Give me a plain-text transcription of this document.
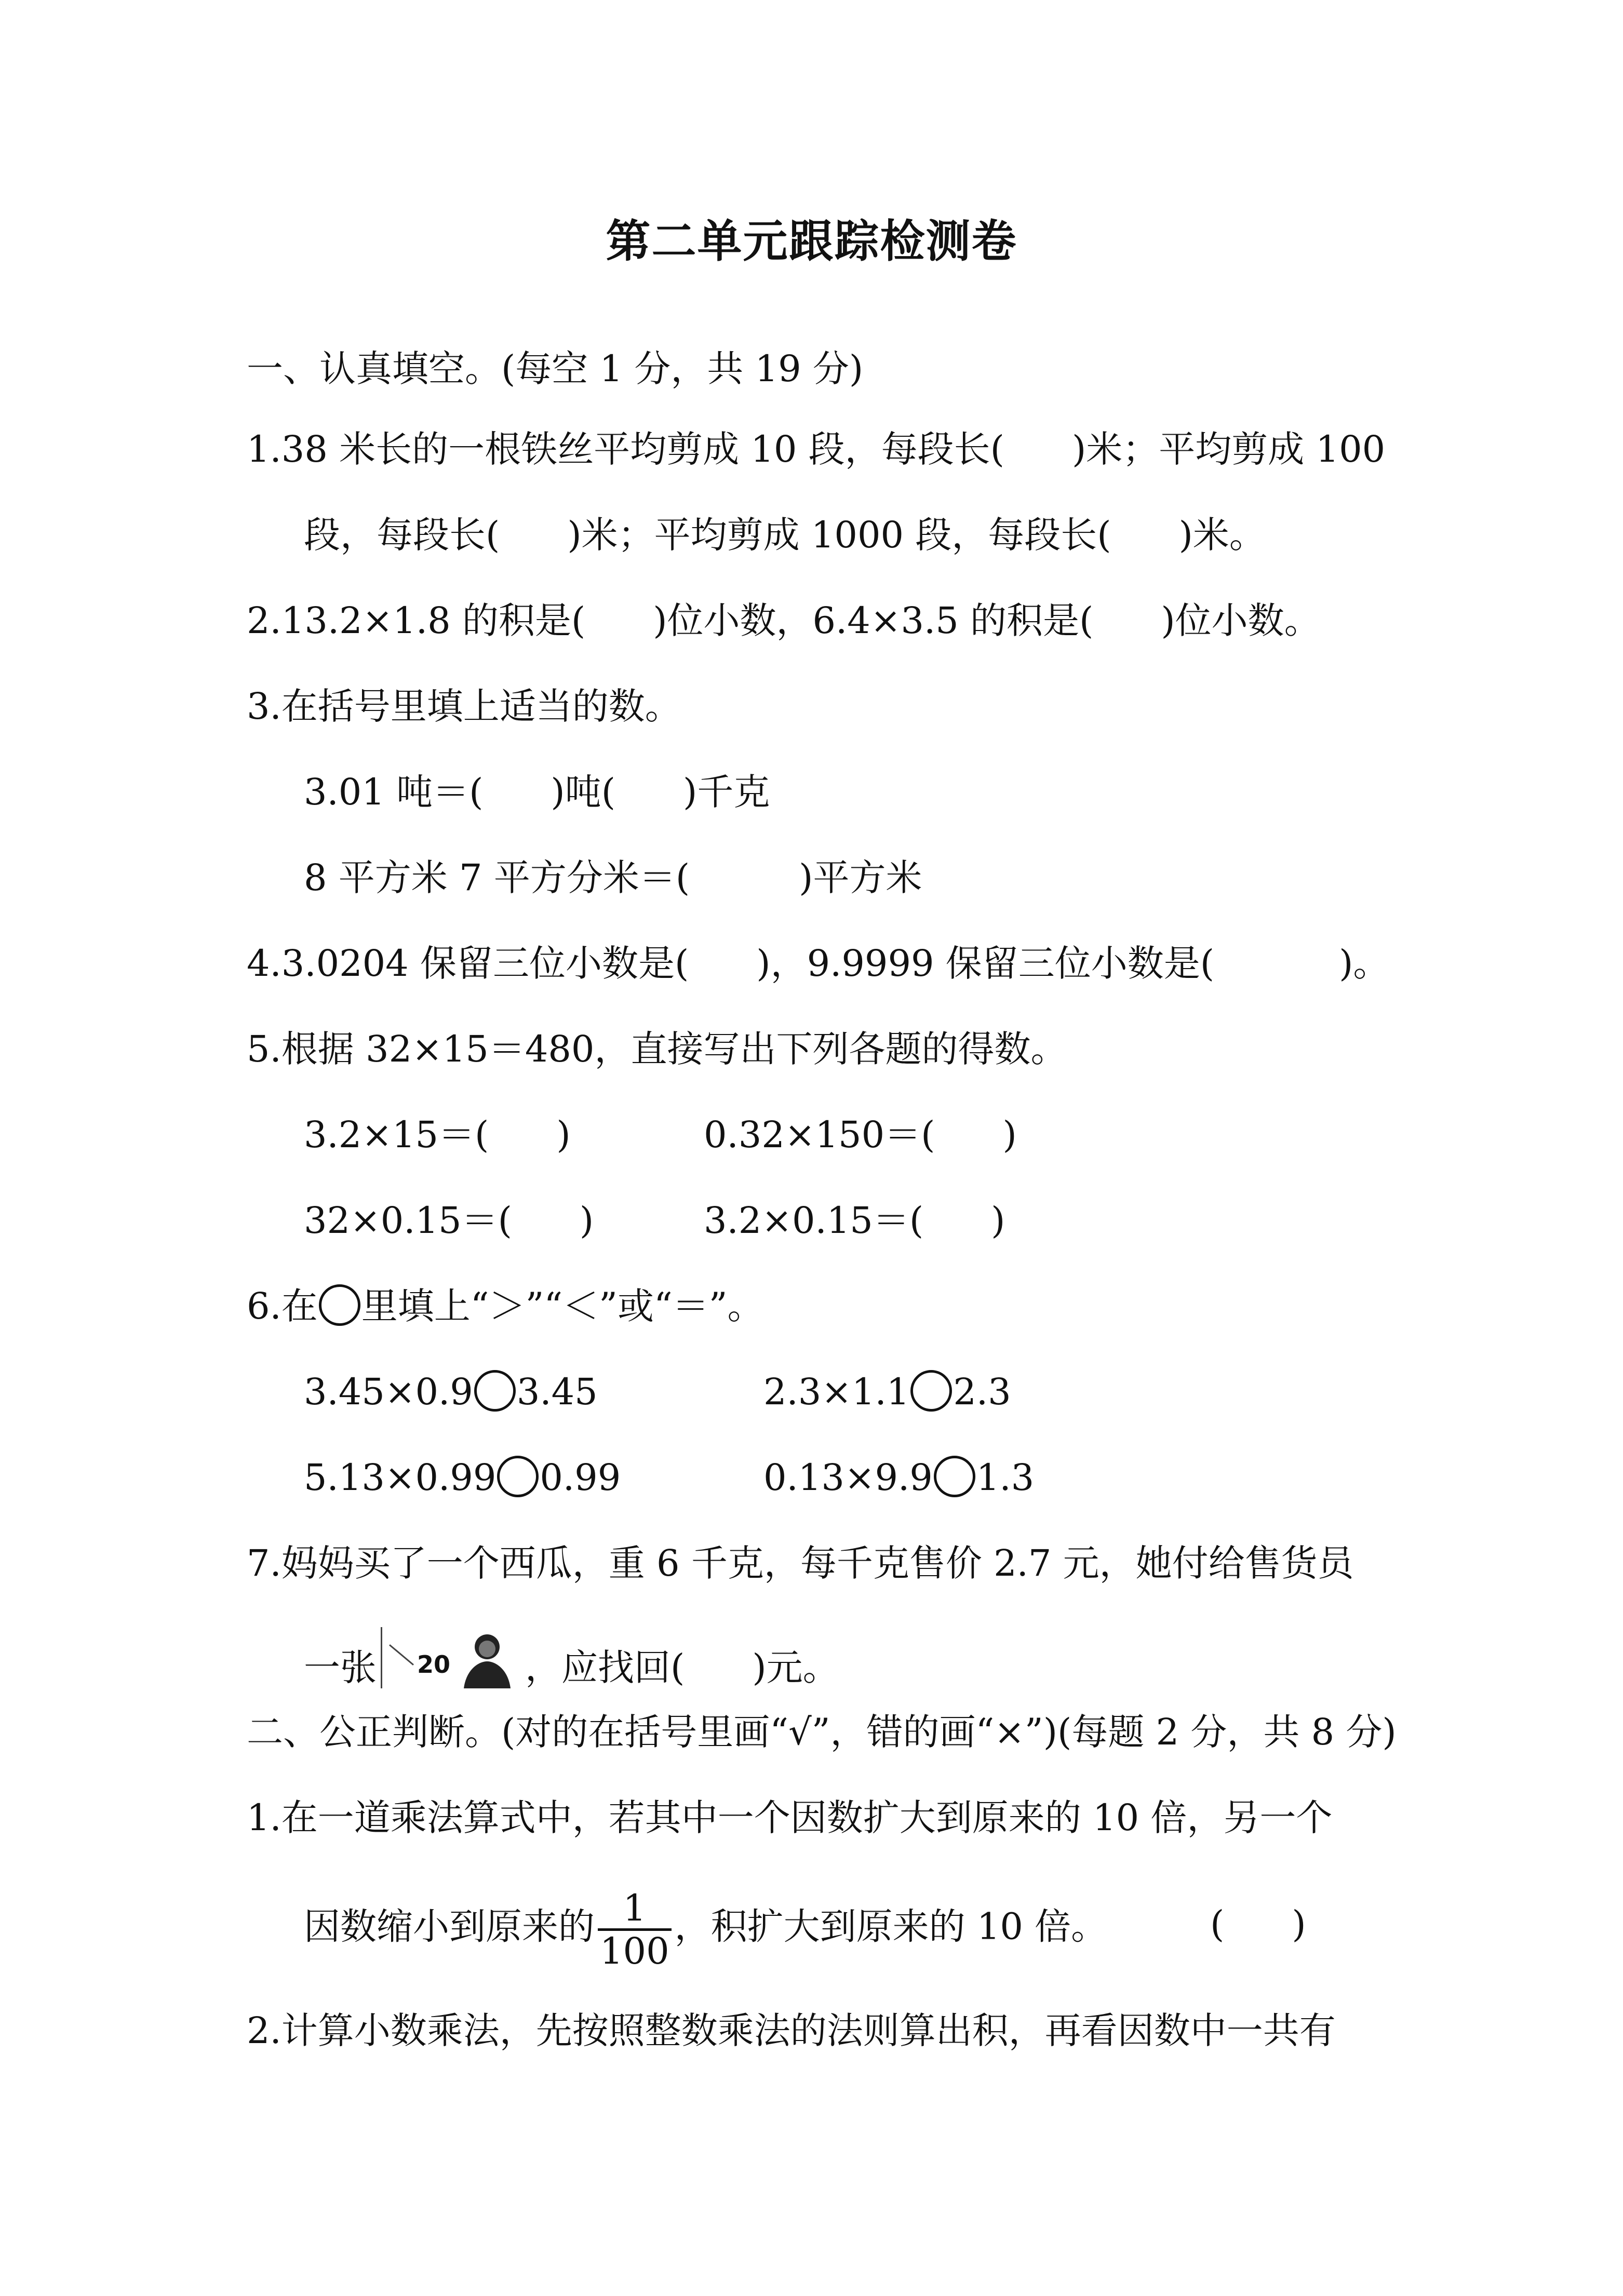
第二单元跟踪检测卷

一、认真填空。(每空 1 分，共 19 分)

1.38 米长的一根铁丝平均剪成 10 段，每段长( )米；平均剪成 100

段，每段长( )米；平均剪成 1000 段，每段长( )米。

2.13.2×1.8 的积是( )位小数，6.4×3.5 的积是( )位小数。

3.在括号里填上适当的数。

3.01 吨＝( )吨( )千克

8 平方米 7 平方分米＝(	)平方米

4.3.0204 保留三位小数是( )，9.9999 保留三位小数是(	)。

5.根据 32×15＝480，直接写出下列各题的得数。

3.2×15＝( )	0.32×150＝( )

32×0.15＝( )	3.2×0.15＝( )

6.在 里填上“＞”“＜”或“＝”。

3.45×0.9 3.45	2.3×1.1 2.3

5.13×0.99 0.99	0.13×9.9 1.3

7.妈妈买了一个西瓜，重 6 千克，每千克售价 2.7 元，她付给售货员

一张 20 ，应找回( )元。

二、公正判断。(对的在括号里画“√”，错的画“×”)(每题 2 分，共 8 分)

1.在一道乘法算式中，若其中一个因数扩大到原来的 10 倍，另一个

因数缩小到原来的 $\frac{1}{100}$ ，积扩大到原来的 10 倍。	( )

2.计算小数乘法，先按照整数乘法的法则算出积，再看因数中一共有
